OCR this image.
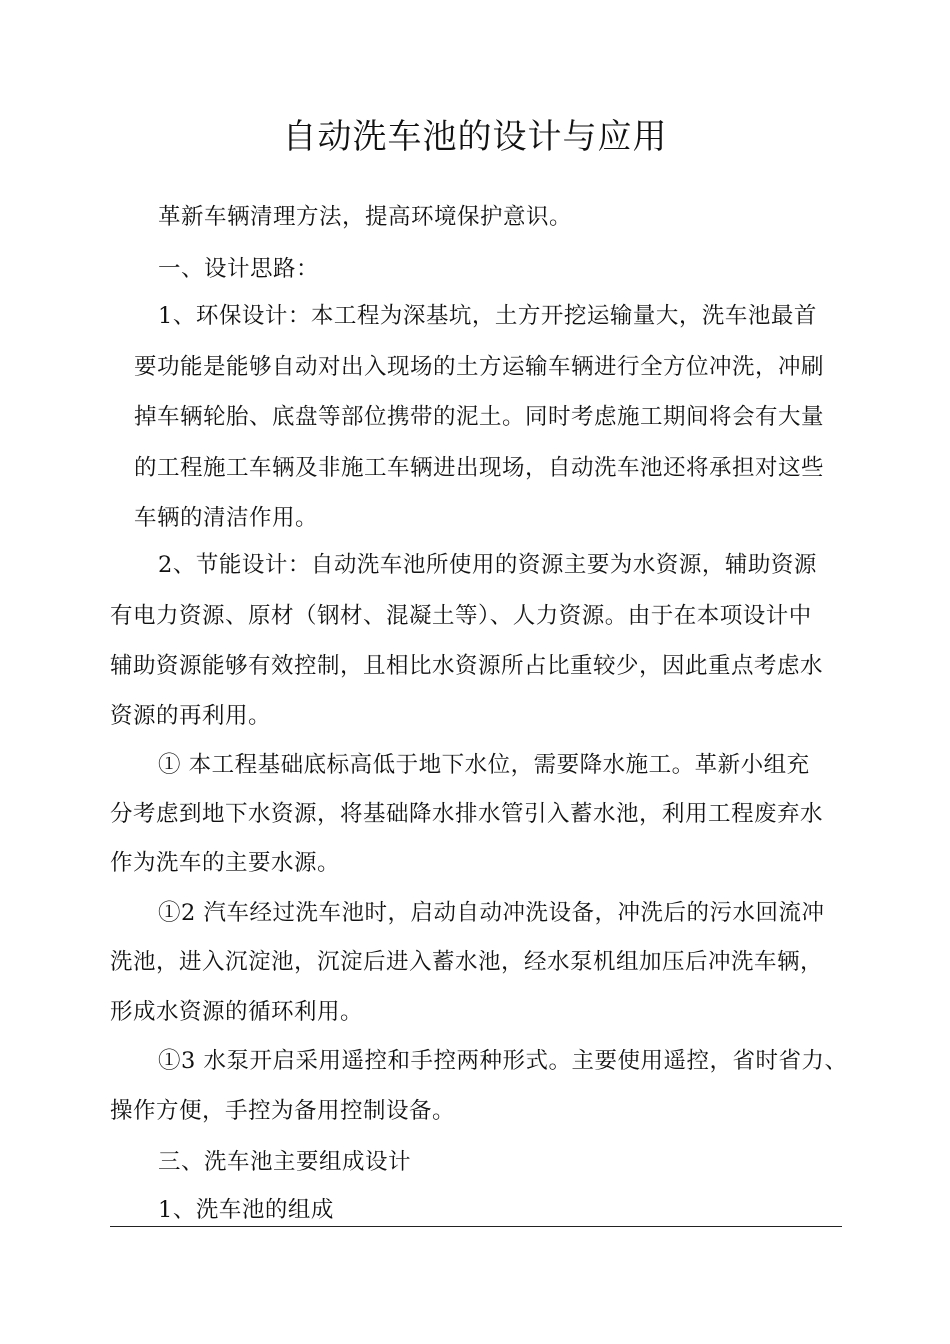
自动洗车池的设计与应用

革新车辆清理方法，提高环境保护意识。

一、设计思路：

1、环保设计：本工程为深基坑，土方开挖运输量大，洗车池最首

要功能是能够自动对出入现场的土方运输车辆进行全方位冲洗，冲刷

掉车辆轮胎、底盘等部位携带的泥土。同时考虑施工期间将会有大量

的工程施工车辆及非施工车辆进出现场，自动洗车池还将承担对这些

车辆的清洁作用。

2、节能设计：自动洗车池所使用的资源主要为水资源，辅助资源

有电力资源、原材（钢材、混凝土等）、人力资源。由于在本项设计中

辅助资源能够有效控制，且相比水资源所占比重较少，因此重点考虑水

资源的再利用。

① 本工程基础底标高低于地下水位，需要降水施工。革新小组充

分考虑到地下水资源，将基础降水排水管引入蓄水池，利用工程废弃水

作为洗车的主要水源。

①2 汽车经过洗车池时，启动自动冲洗设备，冲洗后的污水回流冲

洗池，进入沉淀池，沉淀后进入蓄水池，经水泵机组加压后冲洗车辆，

形成水资源的循环利用。

①3 水泵开启采用遥控和手控两种形式。主要使用遥控，省时省力、

操作方便，手控为备用控制设备。

三、洗车池主要组成设计

1、洗车池的组成
